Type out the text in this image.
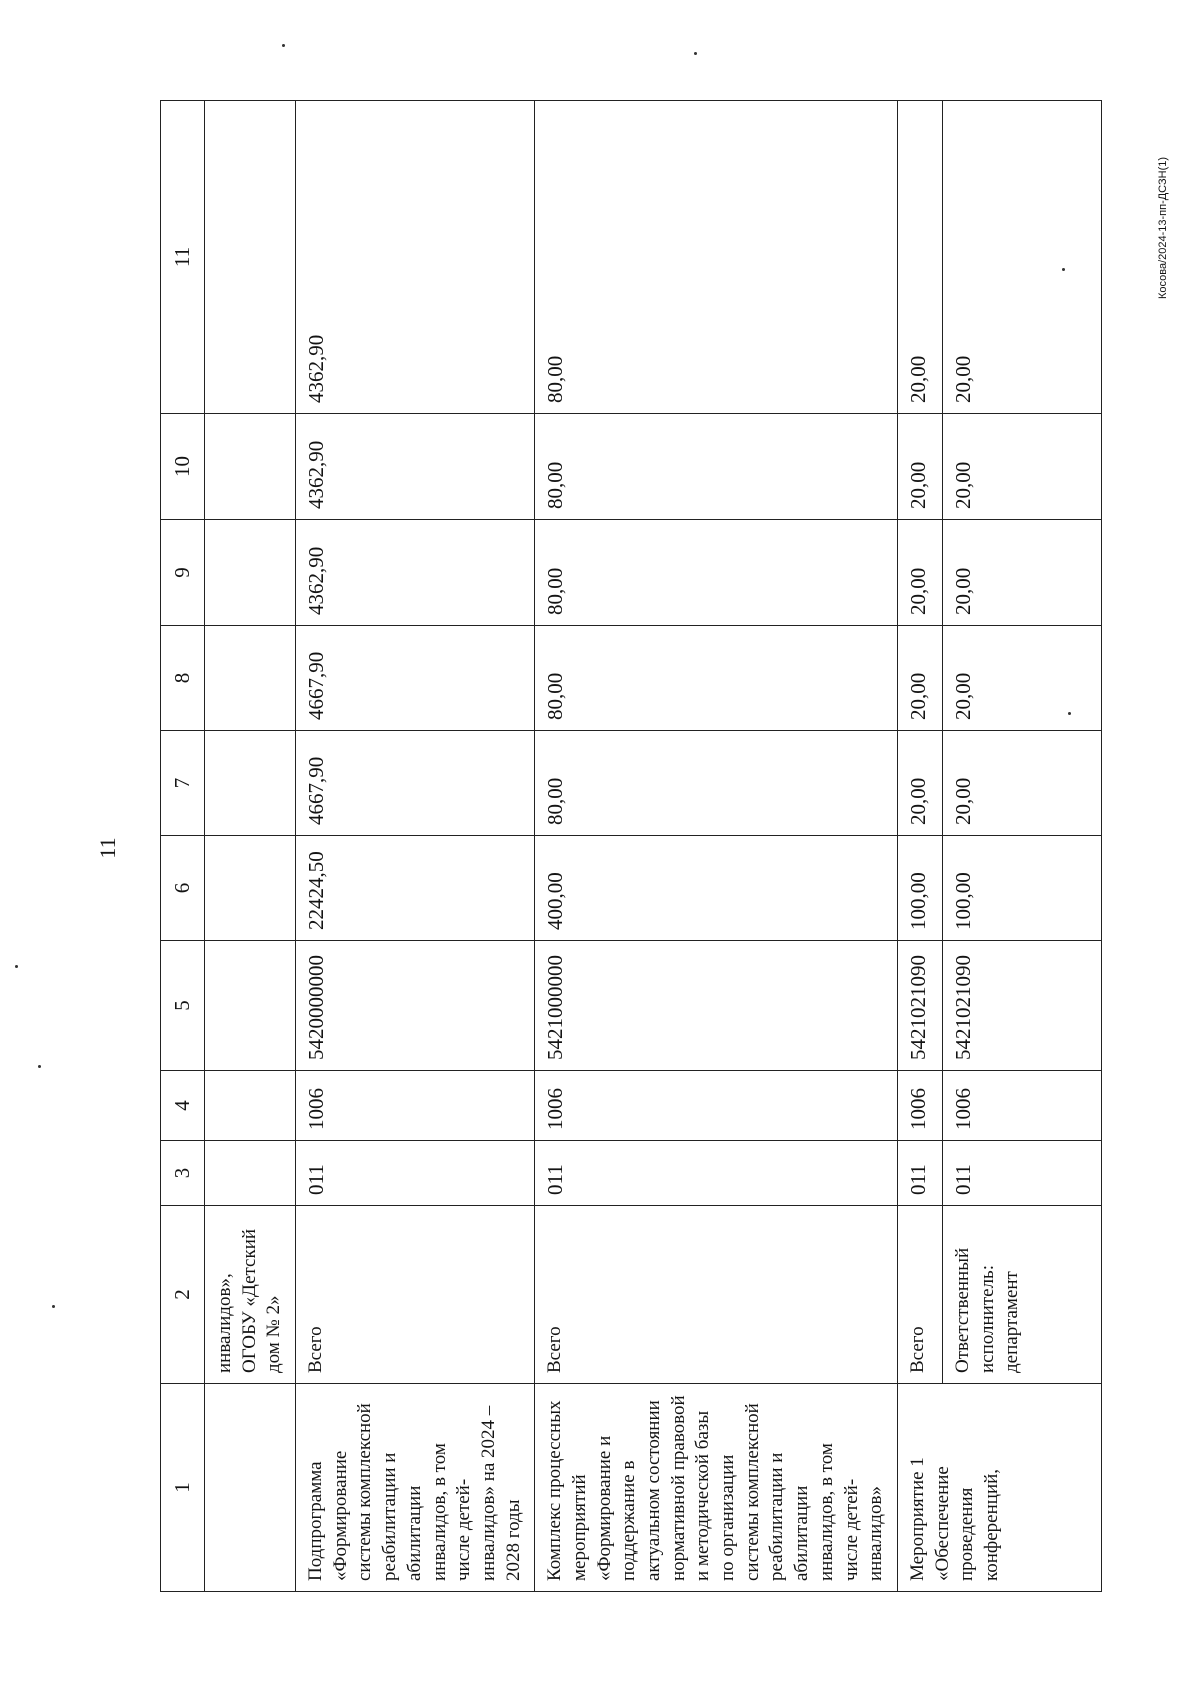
11
Косова/2024-13-пп-ДСЗН(1)
1	2	3	4	5	6	7	8	9	10	11
	инвалидов», ОГОБУ «Детский дом № 2»									
Подпрограмма «Формирование системы комплексной реабилитации и абилитации инвалидов, в том числе детей-инвалидов» на 2024 – 2028 годы	Всего	011	1006	5420000000	22424,50	4667,90	4667,90	4362,90	4362,90	4362,90
Комплекс процессных мероприятий «Формирование и поддержание в актуальном состоянии нормативной правовой и методической базы по организации системы комплексной реабилитации и абилитации инвалидов, в том числе детей-инвалидов»	Всего	011	1006	5421000000	400,00	80,00	80,00	80,00	80,00	80,00
Мероприятие 1 «Обеспечение проведения конференций,	Всего	011	1006	5421021090	100,00	20,00	20,00	20,00	20,00	20,00
	Ответственный исполнитель: департамент	011	1006	5421021090	100,00	20,00	20,00	20,00	20,00	20,00
